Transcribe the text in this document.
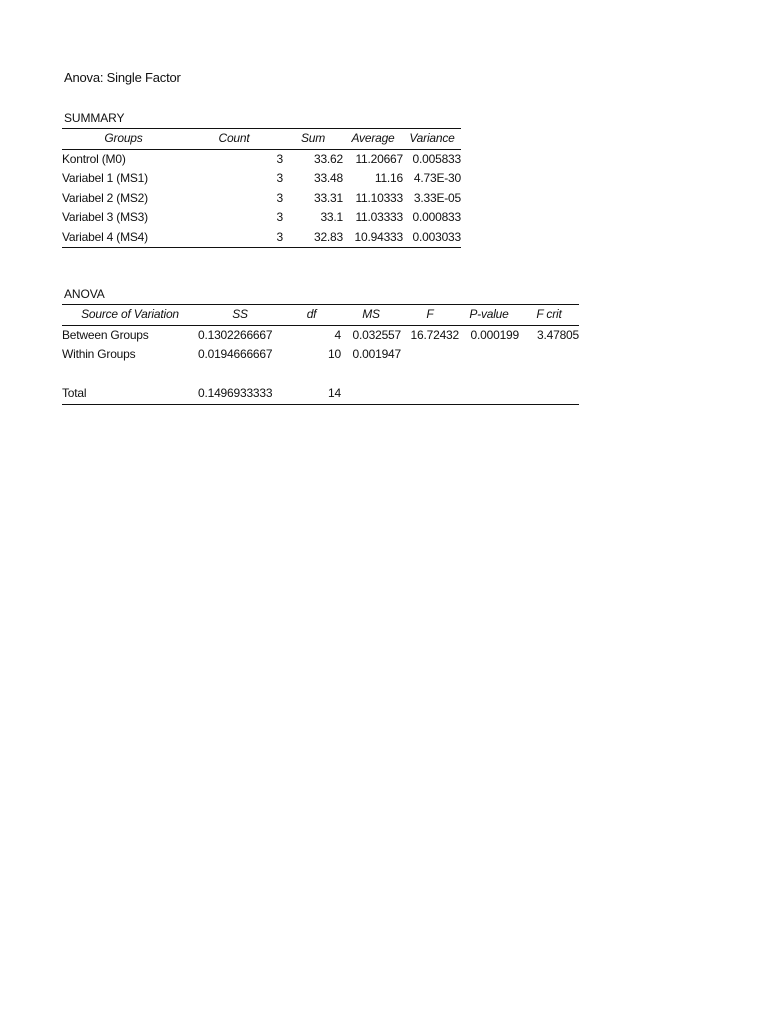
Anova: Single Factor
SUMMARY
Groups	Count	Sum	Average	Variance
Kontrol (M0)	3	33.62	11.20667	0.005833
Variabel 1 (MS1)	3	33.48	11.16	4.73E-30
Variabel 2 (MS2)	3	33.31	11.10333	3.33E-05
Variabel 3 (MS3)	3	33.1	11.03333	0.000833
Variabel 4 (MS4)	3	32.83	10.94333	0.003033
ANOVA
Source of Variation	SS	df	MS	F	P-value	F crit
Between Groups	0.1302266667	4	0.032557	16.72432	0.000199	3.47805
Within Groups	0.0194666667	10	0.001947			

Total	0.1496933333	14				
